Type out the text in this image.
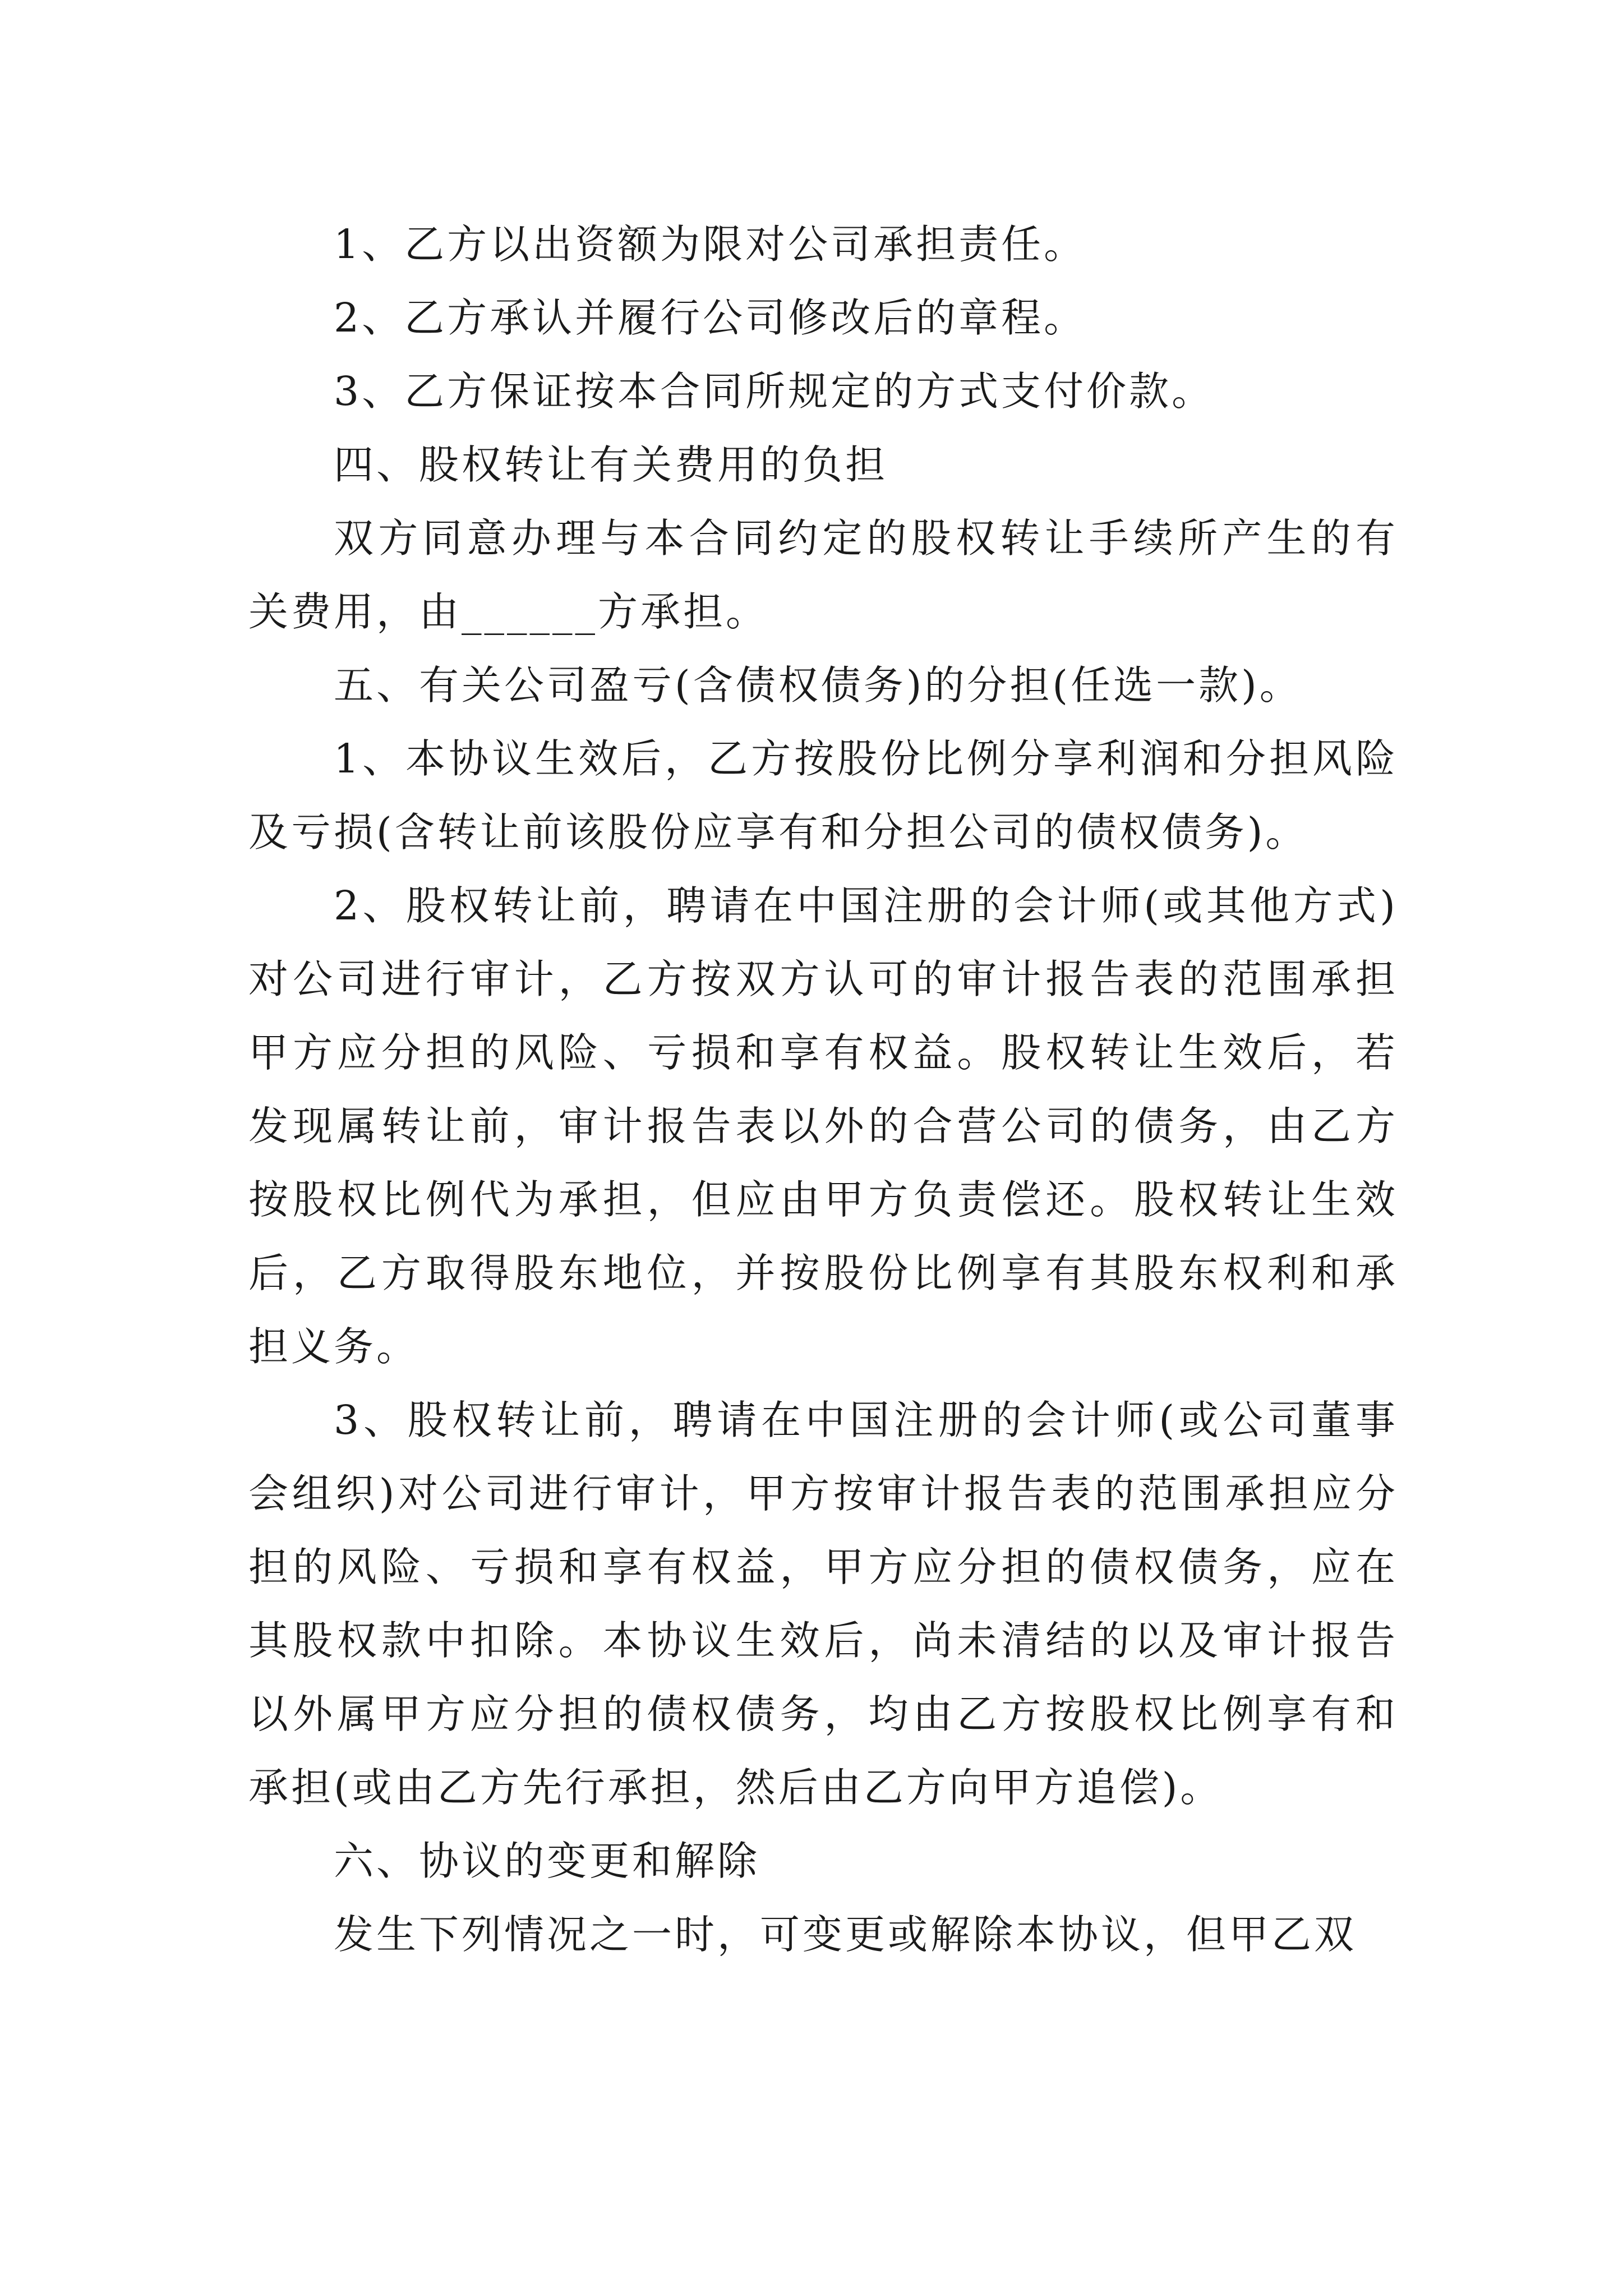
1、乙方以出资额为限对公司承担责任。

2、乙方承认并履行公司修改后的章程。

3、乙方保证按本合同所规定的方式支付价款。

四、股权转让有关费用的负担

双方同意办理与本合同约定的股权转让手续所产生的有关费用，由______方承担。

五、有关公司盈亏(含债权债务)的分担(任选一款)。

1、本协议生效后，乙方按股份比例分享利润和分担风险及亏损(含转让前该股份应享有和分担公司的债权债务)。

2、股权转让前，聘请在中国注册的会计师(或其他方式)对公司进行审计，乙方按双方认可的审计报告表的范围承担甲方应分担的风险、亏损和享有权益。股权转让生效后，若发现属转让前，审计报告表以外的合营公司的债务，由乙方按股权比例代为承担，但应由甲方负责偿还。股权转让生效后，乙方取得股东地位，并按股份比例享有其股东权利和承担义务。

3、股权转让前，聘请在中国注册的会计师(或公司董事会组织)对公司进行审计，甲方按审计报告表的范围承担应分担的风险、亏损和享有权益，甲方应分担的债权债务，应在其股权款中扣除。本协议生效后，尚未清结的以及审计报告以外属甲方应分担的债权债务，均由乙方按股权比例享有和承担(或由乙方先行承担，然后由乙方向甲方追偿)。

六、协议的变更和解除

发生下列情况之一时，可变更或解除本协议，但甲乙双
